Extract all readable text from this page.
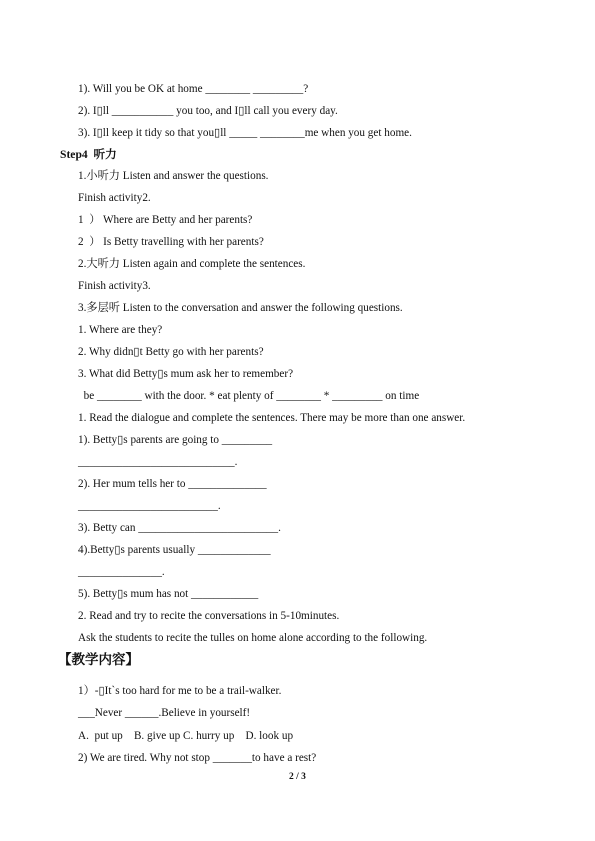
1). Will you be OK at home ________ _________?
2). I▯ll ___________ you too, and I▯ll call you every day.
3). I▯ll keep it tidy so that you▯ll _____ ________me when you get home.
Step4  听力
1.小听力 Listen and answer the questions.
Finish activity2.
1  ） Where are Betty and her parents?
2  ） Is Betty travelling with her parents?
2.大听力 Listen again and complete the sentences.
Finish activity3.
3.多层听 Listen to the conversation and answer the following questions.
1. Where are they?
2. Why didn▯t Betty go with her parents?
3. What did Betty▯s mum ask her to remember?
be ________ with the door. * eat plenty of ________ * _________ on time
1. Read the dialogue and complete the sentences. There may be more than one answer.
1). Betty▯s parents are going to _________
____________________________.
2). Her mum tells her to ______________
_________________________.
3). Betty can _________________________.
4).Betty▯s parents usually _____________
_______________.
5). Betty▯s mum has not ____________
2. Read and try to recite the conversations in 5-10minutes.
Ask the students to recite the tulles on home alone according to the following.
【教学内容】
1）-▯It`s too hard for me to be a trail-walker.
___Never ______.Believe in yourself!
A.  put up    B. give up C. hurry up    D. look up
2) We are tired. Why not stop _______to have a rest?
2 / 3
